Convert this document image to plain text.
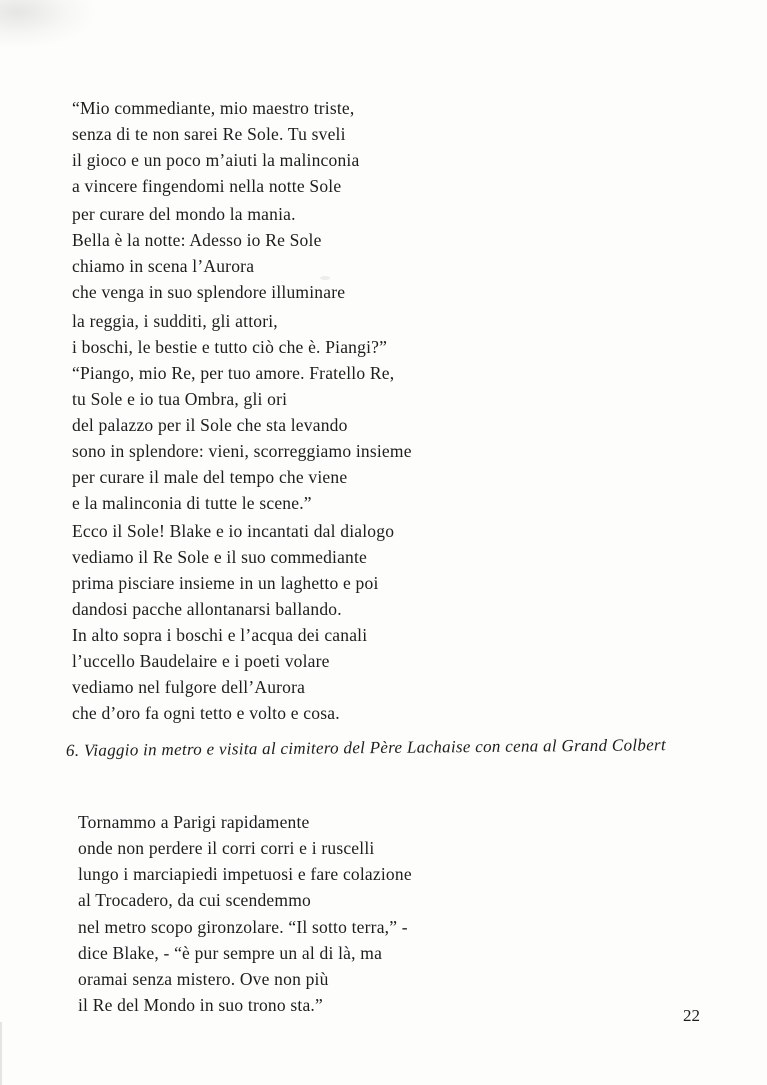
“Mio commediante, mio maestro triste,
senza di te non sarei Re Sole. Tu sveli
il gioco e un poco m’aiuti la malinconia
a vincere fingendomi nella notte Sole
per curare del mondo la mania.
Bella è la notte: Adesso io Re Sole
chiamo in scena l’Aurora
che venga in suo splendore illuminare
la reggia, i sudditi, gli attori,
i boschi, le bestie e tutto ciò che è. Piangi?”
“Piango, mio Re, per tuo amore. Fratello Re,
tu Sole e io tua Ombra, gli ori
del palazzo per il Sole che sta levando
sono in splendore: vieni, scorreggiamo insieme
per curare il male del tempo che viene
e la malinconia di tutte le scene.”
Ecco il Sole! Blake e io incantati dal dialogo
vediamo il Re Sole e il suo commediante
prima pisciare insieme in un laghetto e poi
dandosi pacche allontanarsi ballando.
In alto sopra i boschi e l’acqua dei canali
l’uccello Baudelaire e i poeti volare
vediamo nel fulgore dell’Aurora
che d’oro fa ogni tetto e volto e cosa.
6. Viaggio in metro e visita al cimitero del Père Lachaise con cena al Grand Colbert
Tornammo a Parigi rapidamente
onde non perdere il corri corri e i ruscelli
lungo i marciapiedi impetuosi e fare colazione
al Trocadero, da cui scendemmo
nel metro scopo gironzolare. “Il sotto terra,” -
dice Blake, - “è pur sempre un al di là, ma
oramai senza mistero. Ove non più
il Re del Mondo in suo trono sta.”
22
